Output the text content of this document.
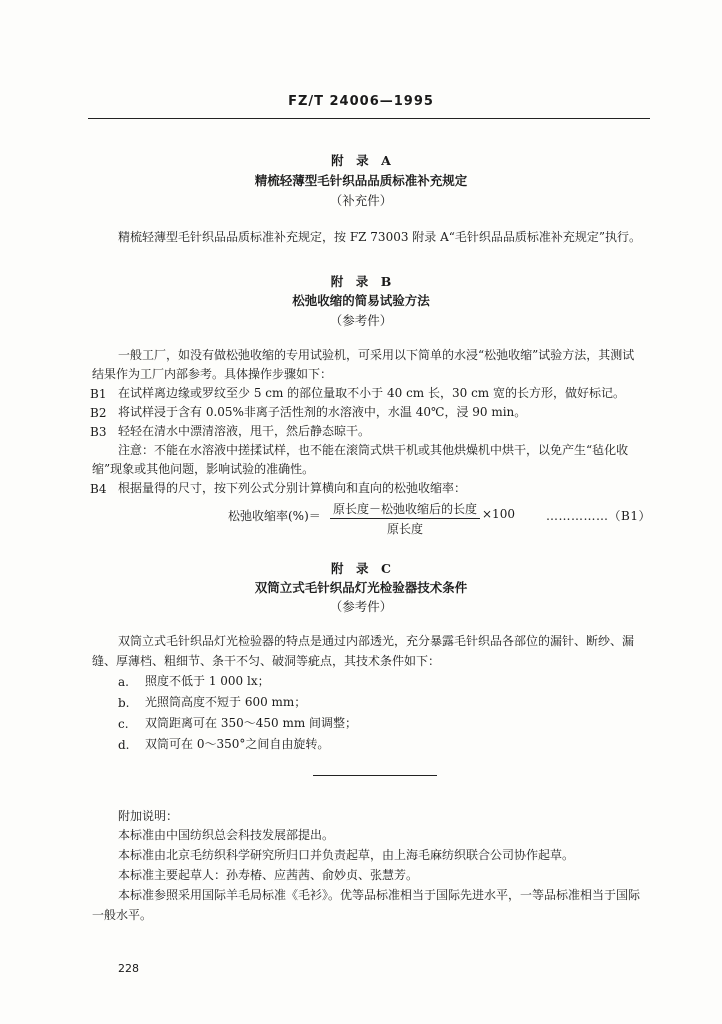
FZ/T 24006—1995
附　录　A
精梳轻薄型毛针织品品质标准补充规定
（补充件）
精梳轻薄型毛针织品品质标准补充规定，按 FZ 73003 附录 A“毛针织品品质标准补充规定”执行。
附　录　B
松弛收缩的简易试验方法
（参考件）
一般工厂，如没有做松弛收缩的专用试验机，可采用以下简单的水浸“松弛收缩”试验方法，其测试
结果作为工厂内部参考。具体操作步骤如下：
B1 在试样离边缘或罗纹至少 5 cm 的部位量取不小于 40 cm 长，30 cm 宽的长方形，做好标记。
B2 将试样浸于含有 0.05%非离子活性剂的水溶液中，水温 40℃，浸 90 min。
B3 轻轻在清水中漂清溶液，甩干，然后静态晾干。
注意：不能在水溶液中搓揉试样，也不能在滚筒式烘干机或其他烘燥机中烘干，以免产生“毡化收
缩”现象或其他问题，影响试验的准确性。
B4 根据量得的尺寸，按下列公式分别计算横向和直向的松弛收缩率：
松弛收缩率(%)＝ 原长度－松弛收缩后的长度
原长度
×100	……………（B1）
附　录　C
双筒立式毛针织品灯光检验器技术条件
（参考件）
双筒立式毛针织品灯光检验器的特点是通过内部透光，充分暴露毛针织品各部位的漏针、断纱、漏
缝、厚薄档、粗细节、条干不匀、破洞等疵点，其技术条件如下：
a. 照度不低于 1 000 lx；
b. 光照筒高度不短于 600 mm；
c. 双筒距离可在 350～450 mm 间调整；
d. 双筒可在 0～350°之间自由旋转。
附加说明：
本标准由中国纺织总会科技发展部提出。
本标准由北京毛纺织科学研究所归口并负责起草，由上海毛麻纺织联合公司协作起草。
本标准主要起草人：孙寿椿、应茜茜、俞妙贞、张慧芳。
本标准参照采用国际羊毛局标准《毛衫》。优等品标准相当于国际先进水平，一等品标准相当于国际
一般水平。
228
